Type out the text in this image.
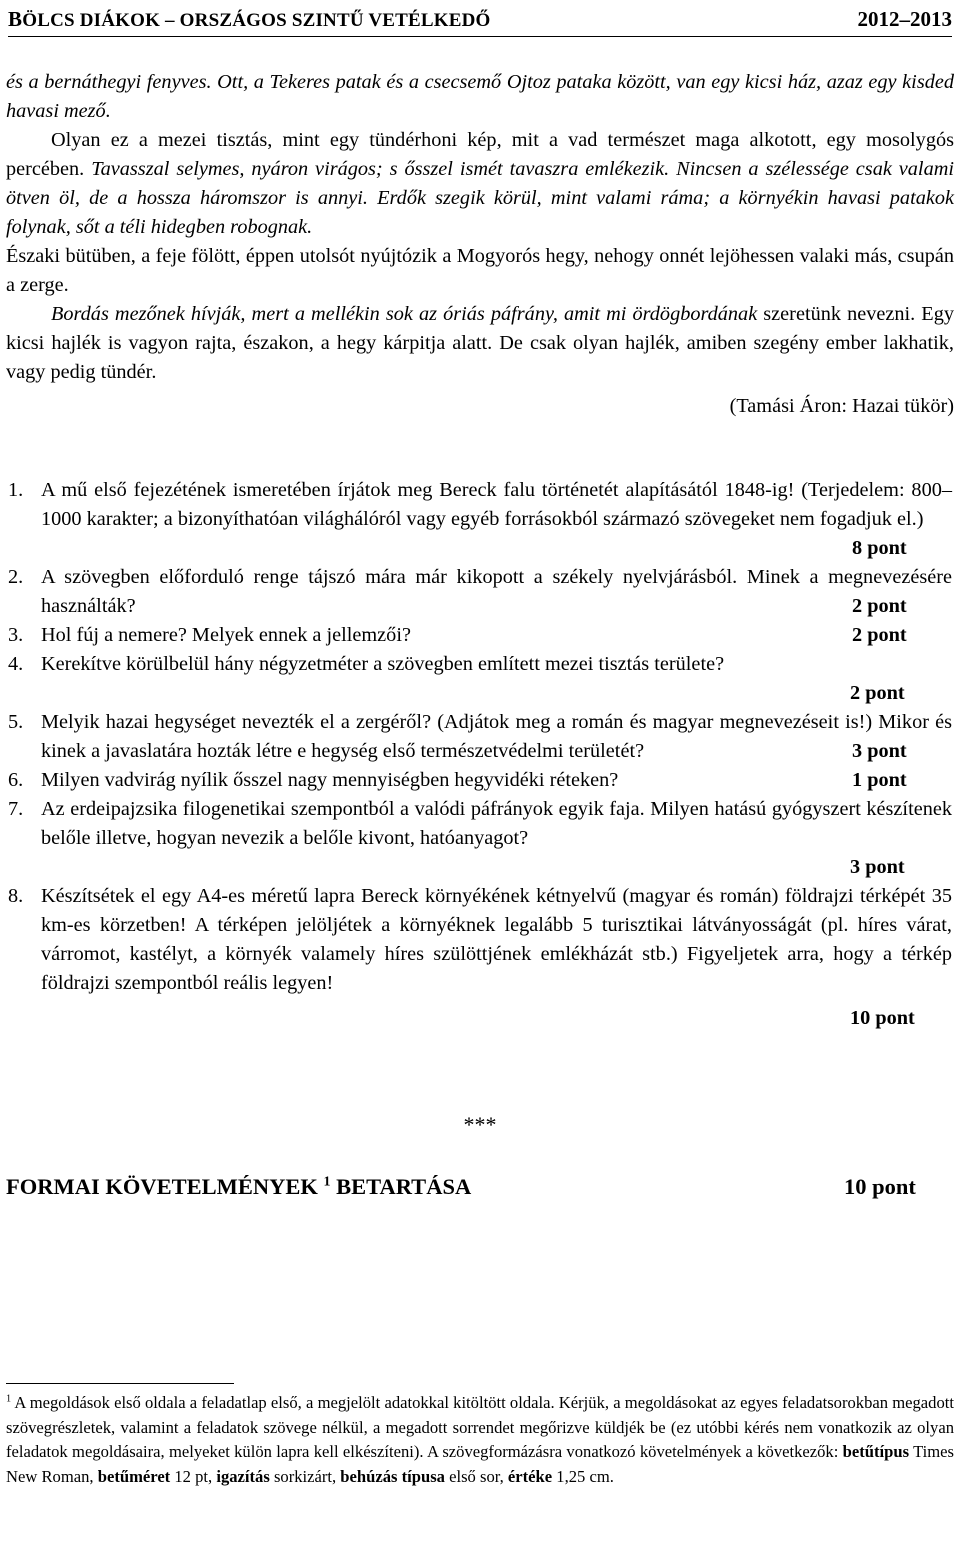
BÖLCS DIÁKOK – ORSZÁGOS SZINTŰ VETÉLKEDŐ	2012–2013

és a bernáthegyi fenyves. Ott, a Tekeres patak és a csecsemő Ojtoz pataka között, van egy kicsi ház, azaz egy kisded havasi mező.

Olyan ez a mezei tisztás, mint egy tündérhoni kép, mit a vad természet maga alkotott, egy mosolygós percében. Tavasszal selymes, nyáron virágos; s ősszel ismét tavaszra emlékezik. Nincsen a szélessége csak valami ötven öl, de a hossza háromszor is annyi. Erdők szegik körül, mint valami ráma; a környékin havasi patakok folynak, sőt a téli hidegben robognak.

Északi bütüben, a feje fölött, éppen utolsót nyújtózik a Mogyorós hegy, nehogy onnét lejöhessen valaki más, csupán a zerge.

Bordás mezőnek hívják, mert a mellékin sok az óriás páfrány, amit mi ördögbordának szeretünk nevezni. Egy kicsi hajlék is vagyon rajta, északon, a hegy kárpitja alatt. De csak olyan hajlék, amiben szegény ember lakhatik, vagy pedig tündér.

(Tamási Áron: Hazai tükör)

1. A mű első fejezétének ismeretében írjátok meg Bereck falu történetét alapításától 1848-ig! (Terjedelem: 800–1000 karakter; a bizonyíthatóan világhálóról vagy egyéb forrásokból származó szövegeket nem fogadjuk el.)
8 pont
2. A szövegben előforduló renge tájszó mára már kikopott a székely nyelvjárásból. Minek a megnevezésére használták?	2 pont
3. Hol fúj a nemere? Melyek ennek a jellemzői?	2 pont
4. Kerekítve körülbelül hány négyzetméter a szövegben említett mezei tisztás területe?
2 pont
5. Melyik hazai hegységet nevezték el a zergéről? (Adjátok meg a román és magyar megnevezéseit is!) Mikor és kinek a javaslatára hozták létre e hegység első természetvédelmi területét?	3 pont
6. Milyen vadvirág nyílik ősszel nagy mennyiségben hegyvidéki réteken?	1 pont
7. Az erdeipajzsika filogenetikai szempontból a valódi páfrányok egyik faja. Milyen hatású gyógyszert készítenek belőle illetve, hogyan nevezik a belőle kivont, hatóanyagot?
3 pont
8. Készítsétek el egy A4-es méretű lapra Bereck környékének kétnyelvű (magyar és román) földrajzi térképét 35 km-es körzetben! A térképen jelöljétek a környéknek legalább 5 turisztikai látványosságát (pl. híres várat, várromot, kastélyt, a környék valamely híres szülöttjének emlékházát stb.) Figyeljetek arra, hogy a térkép földrajzi szempontból reális legyen!
10 pont
***
FORMAI KÖVETELMÉNYEK $^1$ BETARTÁSA	10 pont
$^1$ A megoldások első oldala a feladatlap első, a megjelölt adatokkal kitöltött oldala. Kérjük, a megoldásokat az egyes feladatsorokban megadott szövegrészletek, valamint a feladatok szövege nélkül, a megadott sorrendet megőrizve küldjék be (ez utóbbi kérés nem vonatkozik az olyan feladatok megoldásaira, melyeket külön lapra kell elkészíteni). A szövegformázásra vonatkozó követelmények a következők: betűtípus Times New Roman, betűméret 12 pt, igazítás sorkizárt, behúzás típusa első sor, értéke 1,25 cm.
